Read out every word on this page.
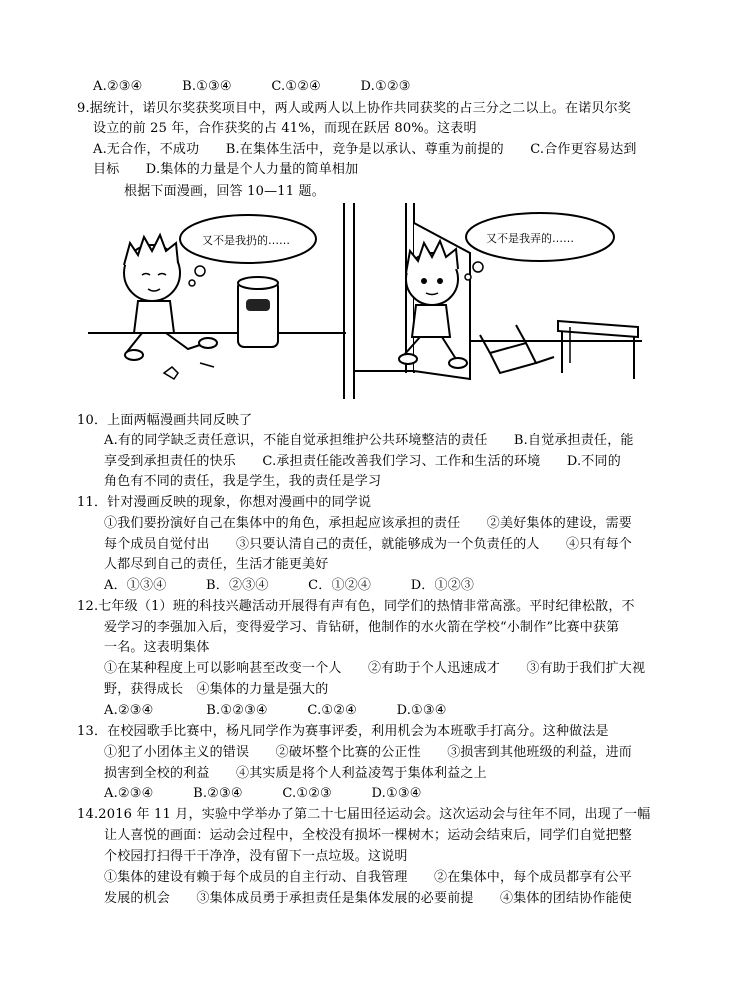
A.②③④　　　B.①③④　　　C.①②④　　　D.①②③
9.据统计，诺贝尔奖获奖项目中，两人或两人以上协作共同获奖的占三分之二以上。在诺贝尔奖
设立的前 25 年，合作获奖的占 41%，而现在跃居 80%。这表明
A.无合作，不成功　　B.在集体生活中，竞争是以承认、尊重为前提的　　C.合作更容易达到
目标　　D.集体的力量是个人力量的简单相加
根据下面漫画，回答 10—11 题。
又不是我扔的……	又不是我弄的……
10．上面两幅漫画共同反映了
A.有的同学缺乏责任意识，不能自觉承担维护公共环境整洁的责任　　B.自觉承担责任，能
享受到承担责任的快乐　　C.承担责任能改善我们学习、工作和生活的环境　　D.不同的
角色有不同的责任，我是学生，我的责任是学习
11．针对漫画反映的现象，你想对漫画中的同学说
①我们要扮演好自己在集体中的角色，承担起应该承担的责任　　②美好集体的建设，需要
每个成员自觉付出　　③只要认清自己的责任，就能够成为一个负责任的人　　④只有每个
人都尽到自己的责任，生活才能更美好
A．①③④　　　B．②③④　　　C．①②④　　　D．①②③
12.七年级（1）班的科技兴趣活动开展得有声有色，同学们的热情非常高涨。平时纪律松散，不
爱学习的李强加入后，变得爱学习、肯钻研，他制作的水火箭在学校“小制作”比赛中获第
一名。这表明集体
①在某种程度上可以影响甚至改变一个人　　②有助于个人迅速成才　　③有助于我们扩大视
野，获得成长　④集体的力量是强大的
A.②③④　　　　B.①②③④　　　C.①②④　　　D.①③④
13．在校园歌手比赛中，杨凡同学作为赛事评委，利用机会为本班歌手打高分。这种做法是
①犯了小团体主义的错误　　②破坏整个比赛的公正性　　③损害到其他班级的利益，进而
损害到全校的利益　　④其实质是将个人利益凌驾于集体利益之上
A.②③④　　　B.②③④　　　C.①②③　　　D.①③④
14.2016 年 11 月，实验中学举办了第二十七届田径运动会。这次运动会与往年不同，出现了一幅
让人喜悦的画面：运动会过程中，全校没有损坏一棵树木；运动会结束后，同学们自觉把整
个校园打扫得干干净净，没有留下一点垃圾。这说明
①集体的建设有赖于每个成员的自主行动、自我管理　　②在集体中，每个成员都享有公平
发展的机会　　③集体成员勇于承担责任是集体发展的必要前提　　④集体的团结协作能使
